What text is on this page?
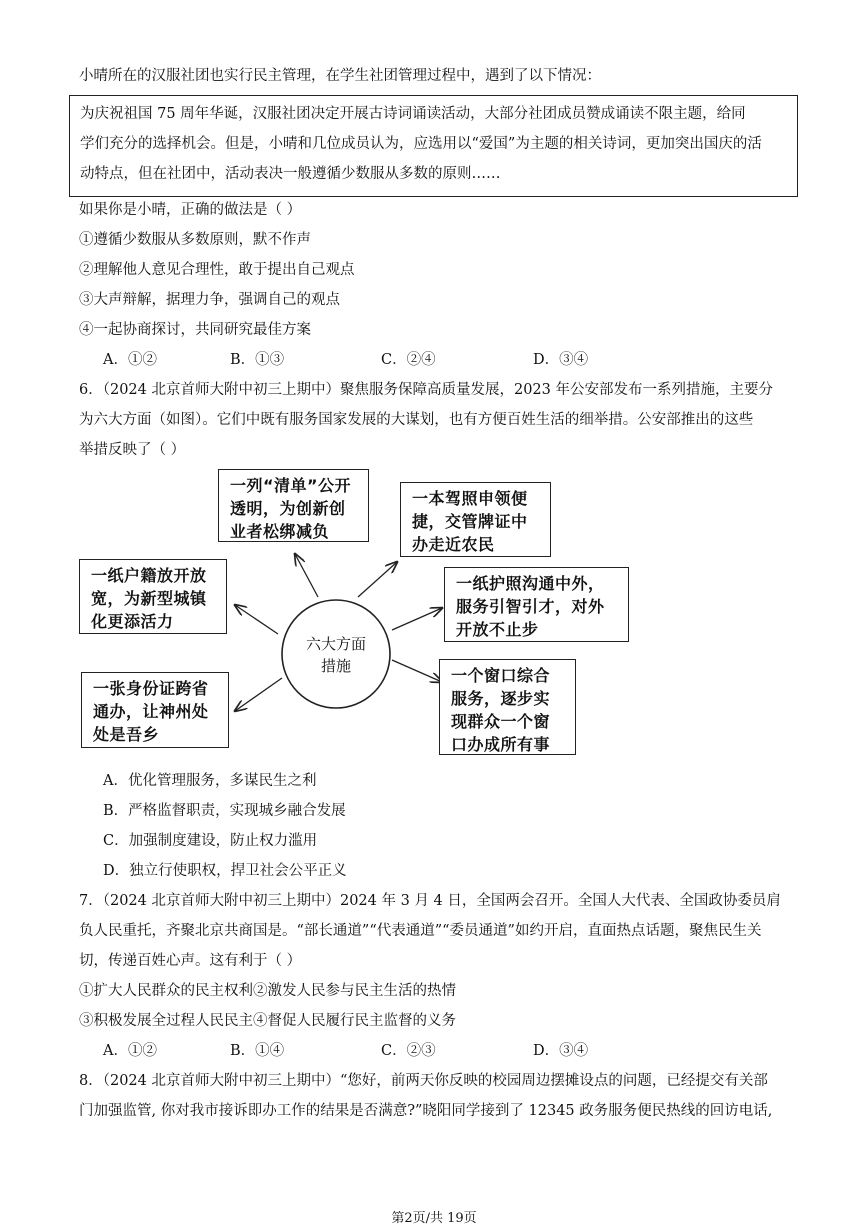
小晴所在的汉服社团也实行民主管理，在学生社团管理过程中，遇到了以下情况：
为庆祝祖国 75 周年华诞，汉服社团决定开展古诗词诵读活动，大部分社团成员赞成诵读不限主题，给同
学们充分的选择机会。但是，小晴和几位成员认为，应选用以“爱国”为主题的相关诗词，更加突出国庆的活
动特点，但在社团中，活动表决一般遵循少数服从多数的原则……
如果你是小晴，正确的做法是（ ）
①遵循少数服从多数原则，默不作声
②理解他人意见合理性，敢于提出自己观点
③大声辩解，据理力争，强调自己的观点
④一起协商探讨，共同研究最佳方案
A．①②	B．①③	C．②④	D．③④
6．（2024 北京首师大附中初三上期中）聚焦服务保障高质量发展，2023 年公安部发布一系列措施，主要分
为六大方面（如图）。它们中既有服务国家发展的大谋划，也有方便百姓生活的细举措。公安部推出的这些
举措反映了（ ）
六大方面
措施
一列“清单”公开
透明，为创新创
业者松绑减负
一本驾照申领便
捷，交管牌证中
办走近农民
一纸户籍放开放
宽，为新型城镇
化更添活力
一纸护照沟通中外，
服务引智引才，对外
开放不止步
一张身份证跨省
通办，让神州处
处是吾乡
一个窗口综合
服务，逐步实
现群众一个窗
口办成所有事
A．优化管理服务，多谋民生之利
B．严格监督职责，实现城乡融合发展
C．加强制度建设，防止权力滥用
D．独立行使职权，捍卫社会公平正义
7．（2024 北京首师大附中初三上期中）2024 年 3 月 4 日，全国两会召开。全国人大代表、全国政协委员肩
负人民重托，齐聚北京共商国是。“部长通道”“代表通道”“委员通道”如约开启，直面热点话题，聚焦民生关
切，传递百姓心声。这有利于（ ）
①扩大人民群众的民主权利②激发人民参与民主生活的热情
③积极发展全过程人民民主④督促人民履行民主监督的义务
A．①②	B．①④	C．②③	D．③④
8．（2024 北京首师大附中初三上期中）“您好，前两天你反映的校园周边摆摊设点的问题，已经提交有关部
门加强监管, 你对我市接诉即办工作的结果是否满意?”晓阳同学接到了 12345 政务服务便民热线的回访电话,
第2页/共 19页
